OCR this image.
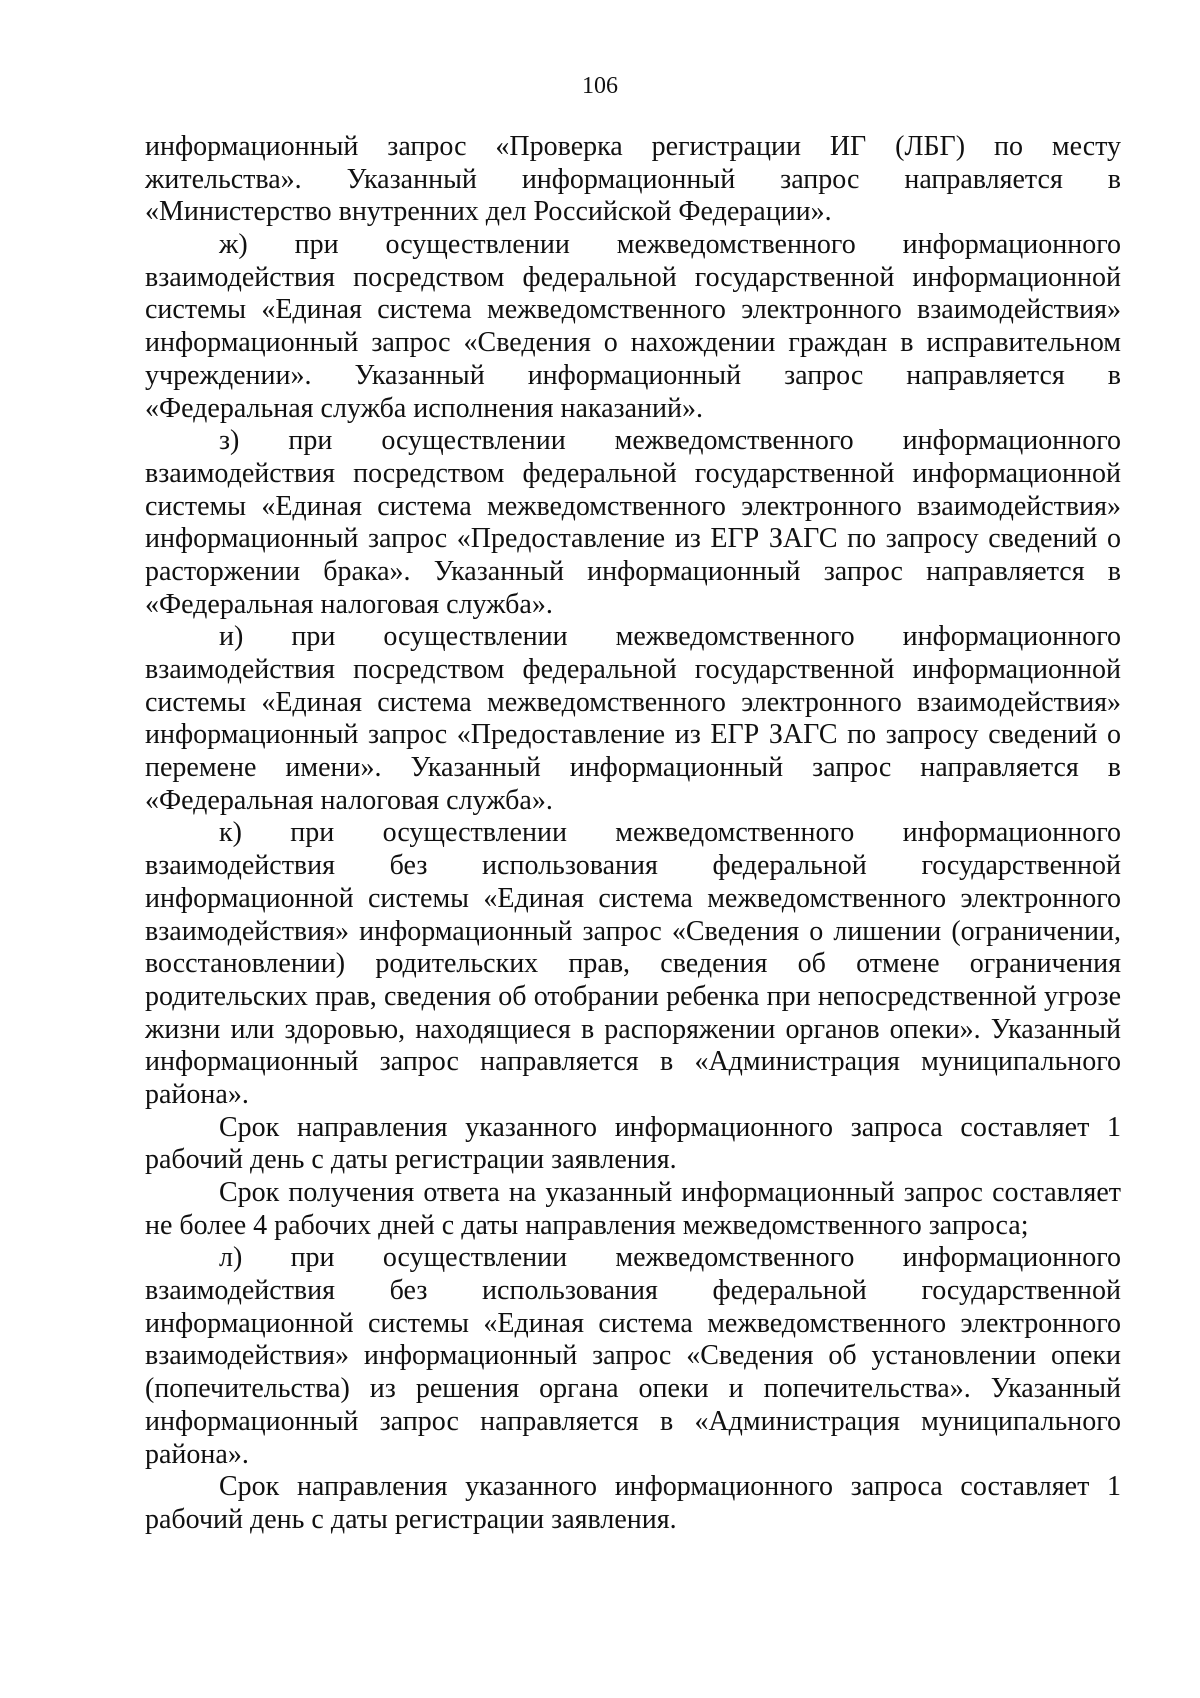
106
информационный запрос «Проверка регистрации ИГ (ЛБГ) по месту
жительства». Указанный информационный запрос направляется в
«Министерство внутренних дел Российской Федерации».
ж) при осуществлении межведомственного информационного
взаимодействия посредством федеральной государственной информационной
системы «Единая система межведомственного электронного взаимодействия»
информационный запрос «Сведения о нахождении граждан в исправительном
учреждении». Указанный информационный запрос направляется в
«Федеральная служба исполнения наказаний».
з) при осуществлении межведомственного информационного
взаимодействия посредством федеральной государственной информационной
системы «Единая система межведомственного электронного взаимодействия»
информационный запрос «Предоставление из ЕГР ЗАГС по запросу сведений о
расторжении брака». Указанный информационный запрос направляется в
«Федеральная налоговая служба».
и) при осуществлении межведомственного информационного
взаимодействия посредством федеральной государственной информационной
системы «Единая система межведомственного электронного взаимодействия»
информационный запрос «Предоставление из ЕГР ЗАГС по запросу сведений о
перемене имени». Указанный информационный запрос направляется в
«Федеральная налоговая служба».
к) при осуществлении межведомственного информационного
взаимодействия без использования федеральной государственной
информационной системы «Единая система межведомственного электронного
взаимодействия» информационный запрос «Сведения о лишении (ограничении,
восстановлении) родительских прав, сведения об отмене ограничения
родительских прав, сведения об отобрании ребенка при непосредственной угрозе
жизни или здоровью, находящиеся в распоряжении органов опеки». Указанный
информационный запрос направляется в «Администрация муниципального
района».
Срок направления указанного информационного запроса составляет 1
рабочий день с даты регистрации заявления.
Срок получения ответа на указанный информационный запрос составляет
не более 4 рабочих дней с даты направления межведомственного запроса;
л) при осуществлении межведомственного информационного
взаимодействия без использования федеральной государственной
информационной системы «Единая система межведомственного электронного
взаимодействия» информационный запрос «Сведения об установлении опеки
(попечительства) из решения органа опеки и попечительства». Указанный
информационный запрос направляется в «Администрация муниципального
района».
Срок направления указанного информационного запроса составляет 1
рабочий день с даты регистрации заявления.
